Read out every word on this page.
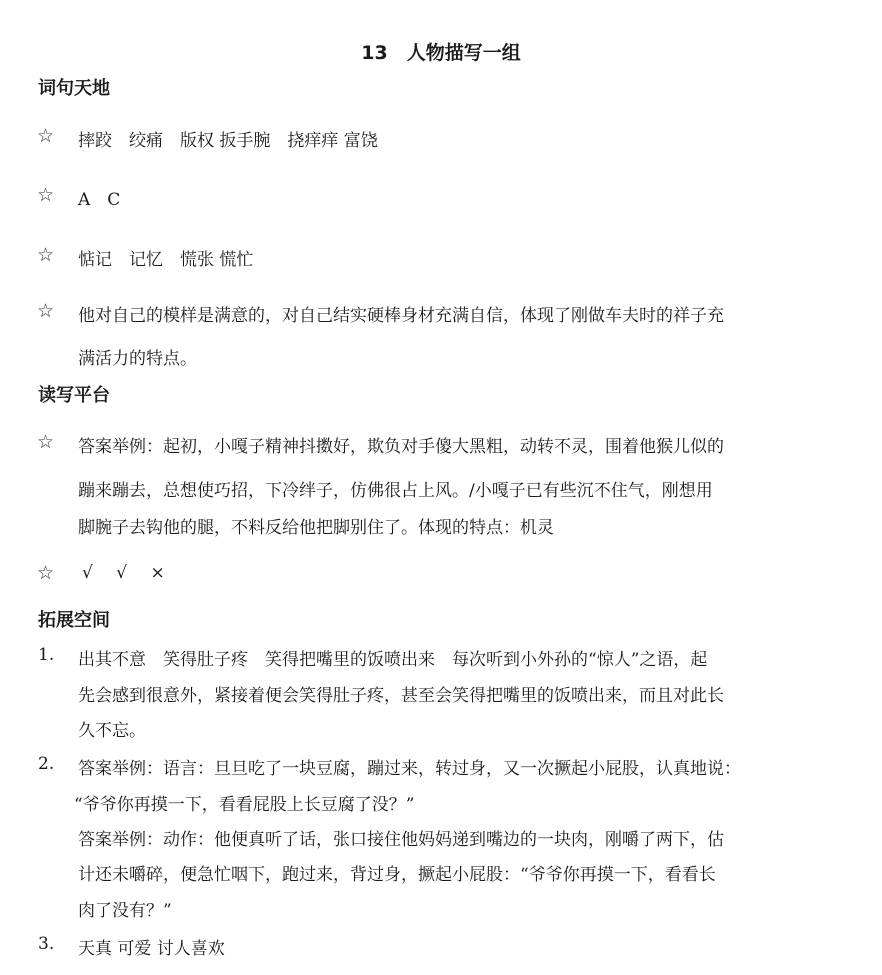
13　人物描写一组
词句天地
☆ 摔跤　绞痛　版权 扳手腕　挠痒痒 富饶
☆ A　C
☆ 惦记　记忆　慌张 慌忙
☆ 他对自己的模样是满意的，对自己结实硬棒身材充满自信，体现了刚做车夫时的祥子充
满活力的特点。
读写平台
☆ 答案举例：起初，小嘎子精神抖擞好，欺负对手傻大黑粗，动转不灵，围着他猴儿似的
蹦来蹦去，总想使巧招，下冷绊子，仿佛很占上风。/小嘎子已有些沉不住气，刚想用
脚腕子去钩他的腿，不料反给他把脚别住了。体现的特点：机灵
☆ √ √ ×
拓展空间
1. 出其不意　笑得肚子疼　笑得把嘴里的饭喷出来　每次听到小外孙的“惊人”之语，起
先会感到很意外，紧接着便会笑得肚子疼，甚至会笑得把嘴里的饭喷出来，而且对此长
久不忘。
2. 答案举例：语言：旦旦吃了一块豆腐，蹦过来，转过身，又一次撅起小屁股，认真地说：
“爷爷你再摸一下，看看屁股上长豆腐了没？”
答案举例：动作：他便真听了话，张口接住他妈妈递到嘴边的一块肉，刚嚼了两下，估
计还未嚼碎，便急忙咽下，跑过来，背过身，撅起小屁股：“爷爷你再摸一下，看看长
肉了没有？”
3. 天真 可爱 讨人喜欢
